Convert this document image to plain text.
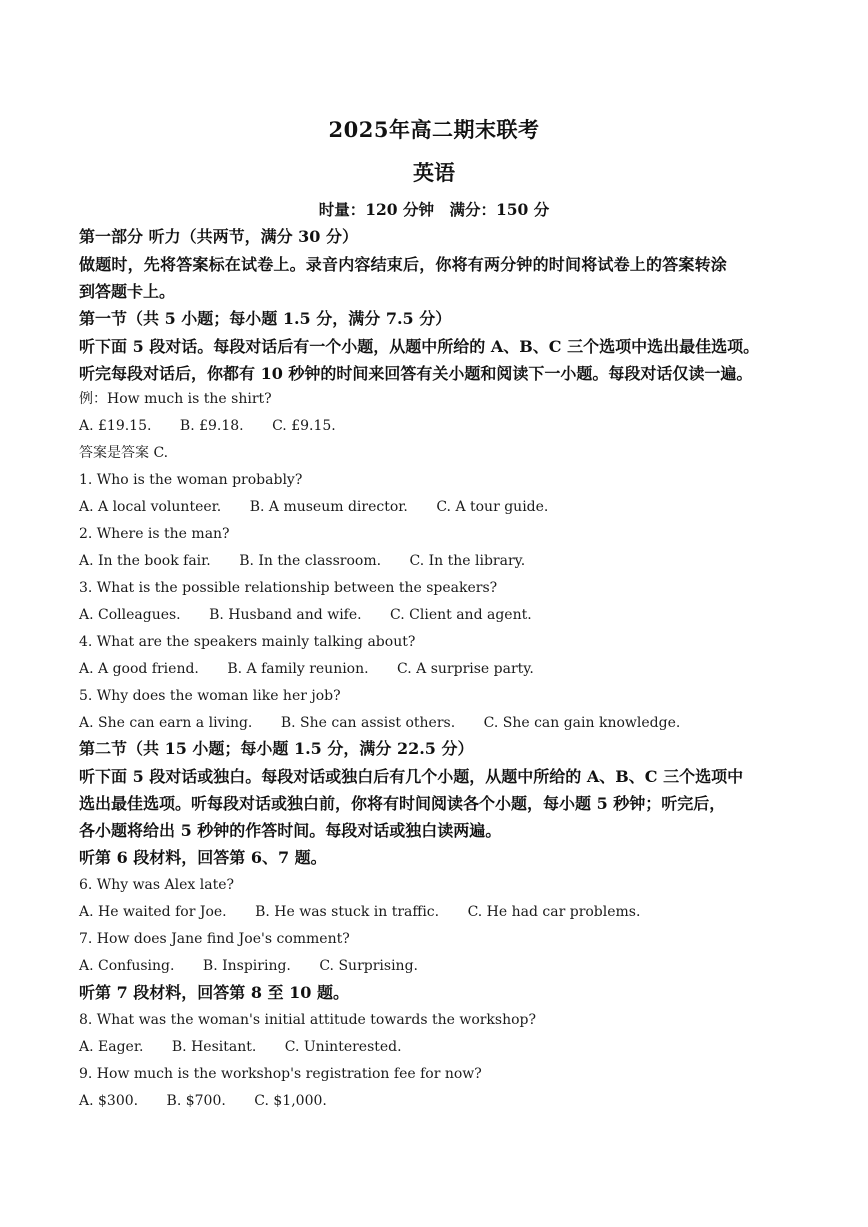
2025年高二期末联考
英语
时量：120 分钟　满分：150 分
第一部分 听力（共两节，满分 30 分）
做题时，先将答案标在试卷上。录音内容结束后，你将有两分钟的时间将试卷上的答案转涂
到答题卡上。
第一节（共 5 小题；每小题 1.5 分，满分 7.5 分）
听下面 5 段对话。每段对话后有一个小题，从题中所给的 A、B、C 三个选项中选出最佳选项。
听完每段对话后，你都有 10 秒钟的时间来回答有关小题和阅读下一小题。每段对话仅读一遍。
例：How much is the shirt?
A. £19.15. B. £9.18. C. £9.15.
答案是答案 C.
1. Who is the woman probably?
A. A local volunteer. B. A museum director. C. A tour guide.
2. Where is the man?
A. In the book fair. B. In the classroom. C. In the library.
3. What is the possible relationship between the speakers?
A. Colleagues. B. Husband and wife. C. Client and agent.
4. What are the speakers mainly talking about?
A. A good friend. B. A family reunion. C. A surprise party.
5. Why does the woman like her job?
A. She can earn a living. B. She can assist others. C. She can gain knowledge.
第二节（共 15 小题；每小题 1.5 分，满分 22.5 分）
听下面 5 段对话或独白。每段对话或独白后有几个小题，从题中所给的 A、B、C 三个选项中
选出最佳选项。听每段对话或独白前，你将有时间阅读各个小题，每小题 5 秒钟；听完后，
各小题将给出 5 秒钟的作答时间。每段对话或独白读两遍。
听第 6 段材料，回答第 6、7 题。
6. Why was Alex late?
A. He waited for Joe. B. He was stuck in traffic. C. He had car problems.
7. How does Jane find Joe's comment?
A. Confusing. B. Inspiring. C. Surprising.
听第 7 段材料，回答第 8 至 10 题。
8. What was the woman's initial attitude towards the workshop?
A. Eager. B. Hesitant. C. Uninterested.
9. How much is the workshop's registration fee for now?
A. $300. B. $700. C. $1,000.
